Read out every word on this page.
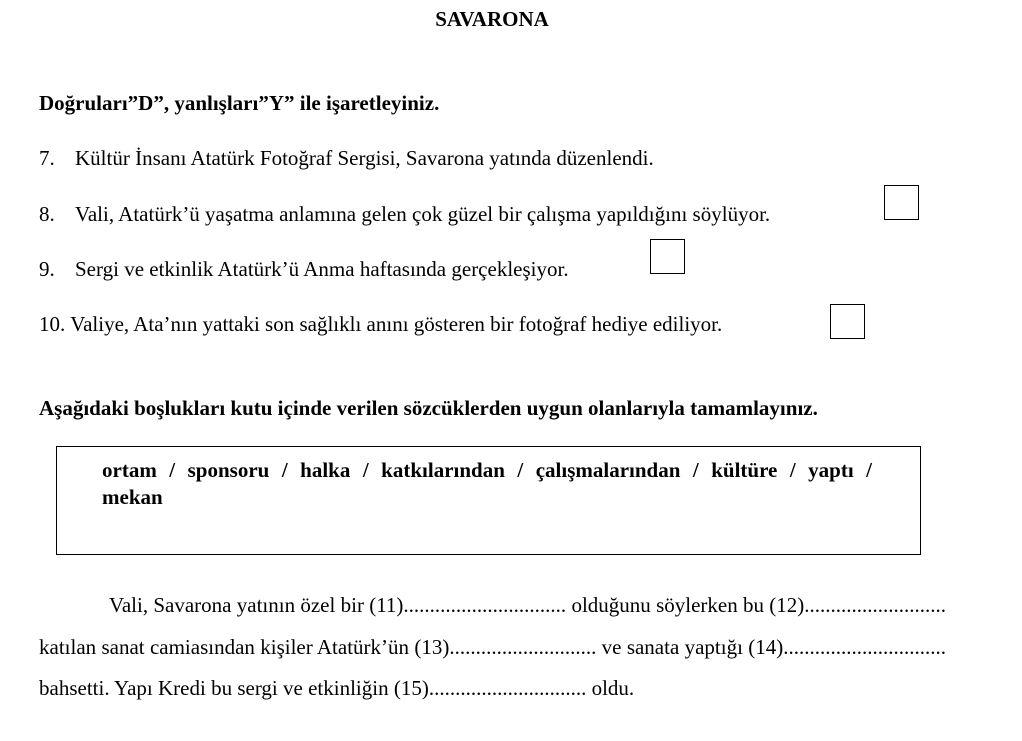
SAVARONA
Doğruları”D”, yanlışları”Y” ile işaretleyiniz.
7. Kültür İnsanı Atatürk Fotoğraf Sergisi, Savarona yatında düzenlendi.
8. Vali, Atatürk’ü yaşatma anlamına gelen çok güzel bir çalışma yapıldığını söylüyor.
9. Sergi ve etkinlik Atatürk’ü Anma haftasında gerçekleşiyor.
10. Valiye, Ata’nın yattaki son sağlıklı anını gösteren bir fotoğraf hediye ediliyor.
Aşağıdaki boşlukları kutu içinde verilen sözcüklerden uygun olanlarıyla tamamlayınız.
ortam / sponsoru / halka / katkılarından / çalışmalarından / kültüre / yaptı / mekan
Vali, Savarona yatının özel bir (11)............................... olduğunu söylerken bu (12)........................... katılan sanat camiasından kişiler Atatürk’ün (13)............................ ve sanata yaptığı (14)............................... bahsetti. Yapı Kredi bu sergi ve etkinliğin (15).............................. oldu.
